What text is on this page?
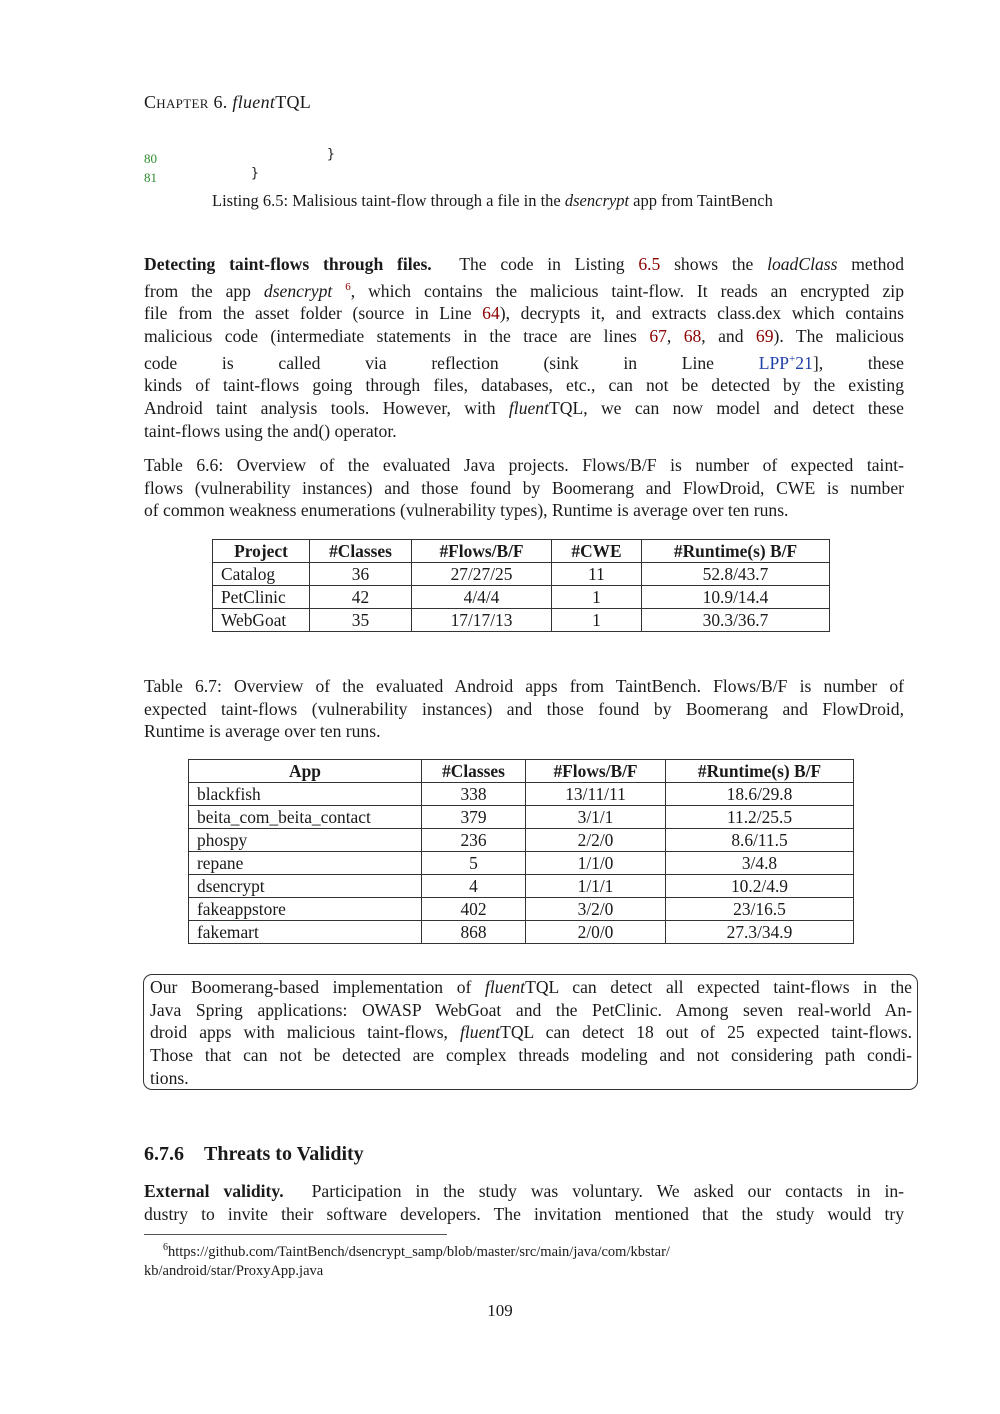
Chapter 6. fluentTQL
80	}
81	}
Listing 6.5: Malisious taint-flow through a file in the dsencrypt app from TaintBench
Detecting taint-flows through files. The code in Listing 6.5 shows the loadClass method
from the app dsencrypt $^6$, which contains the malicious taint-flow. It reads an encrypted zip
file from the asset folder (source in Line 64), decrypts it, and extracts class.dex which contains
malicious code (intermediate statements in the trace are lines 67, 68, and 69). The malicious
code is called via reflection (sink in Line LPP+21], these
kinds of taint-flows going through files, databases, etc., can not be detected by the existing
Android taint analysis tools. However, with fluentTQL, we can now model and detect these
taint-flows using the and() operator.
Table 6.6: Overview of the evaluated Java projects. Flows/B/F is number of expected taint-
flows (vulnerability instances) and those found by Boomerang and FlowDroid, CWE is number
of common weakness enumerations (vulnerability types), Runtime is average over ten runs.
Project	#Classes	#Flows/B/F	#CWE	#Runtime(s) B/F
Catalog	36	27/27/25	11	52.8/43.7
PetClinic	42	4/4/4	1	10.9/14.4
WebGoat	35	17/17/13	1	30.3/36.7
Table 6.7: Overview of the evaluated Android apps from TaintBench. Flows/B/F is number of
expected taint-flows (vulnerability instances) and those found by Boomerang and FlowDroid,
Runtime is average over ten runs.
App	#Classes	#Flows/B/F	#Runtime(s) B/F
blackfish	338	13/11/11	18.6/29.8
beita_com_beita_contact	379	3/1/1	11.2/25.5
phospy	236	2/2/0	8.6/11.5
repane	5	1/1/0	3/4.8
dsencrypt	4	1/1/1	10.2/4.9
fakeappstore	402	3/2/0	23/16.5
fakemart	868	2/0/0	27.3/34.9
Our Boomerang-based implementation of fluentTQL can detect all expected taint-flows in the
Java Spring applications: OWASP WebGoat and the PetClinic. Among seven real-world An-
droid apps with malicious taint-flows, fluentTQL can detect 18 out of 25 expected taint-flows.
Those that can not be detected are complex threads modeling and not considering path condi-
tions.
6.7.6 Threats to Validity
External validity. Participation in the study was voluntary. We asked our contacts in in-
dustry to invite their software developers. The invitation mentioned that the study would try
$^6$https://github.com/TaintBench/dsencrypt_samp/blob/master/src/main/java/com/kbstar/
kb/android/star/ProxyApp.java
109
